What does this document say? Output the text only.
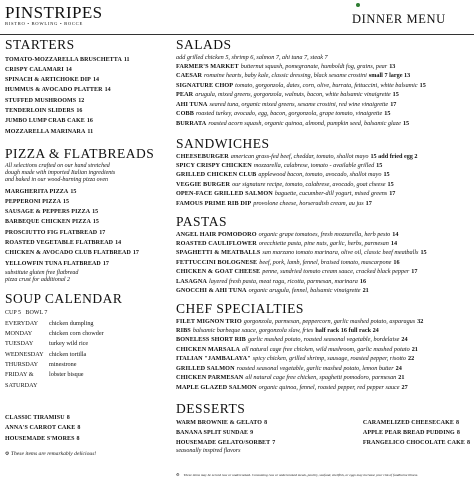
PINSTRIPES
BISTRO • BOWLING • BOCCE	DINNER MENU
STARTERS
TOMATO-MOZZARELLA BRUSCHETTA 11
CRISPY CALAMARI 14
SPINACH & ARTICHOKE DIP 14
HUMMUS & AVOCADO PLATTER 14
STUFFED MUSHROOMS 12
TENDERLOIN SLIDERS 16
JUMBO LUMP CRAB CAKE 16
MOZZARELLA MARINARA 11
PIZZA & FLATBREADS
All selections crafted on our hand stretched
dough made with imported Italian ingredients
and baked in our wood-burning pizza oven
MARGHERITA PIZZA 15
PEPPERONI PIZZA 15
SAUSAGE & PEPPERS PIZZA 15
BARBEQUE CHICKEN PIZZA 15
PROSCIUTTO FIG FLATBREAD 17
ROASTED VEGETABLE FLATBREAD 14
CHICKEN & AVOCADO CLUB FLATBREAD 17
YELLOWFIN TUNA FLATBREAD 17
substitute gluten free flatbread
pizza crust for additional 2
SOUP CALENDAR
CUP 5 BOWL 7
EVERYDAY	chicken dumpling
MONDAY	chicken corn chowder
TUESDAY	turkey wild rice
WEDNESDAY chicken tortilla
THURSDAY	minestrone
FRIDAY &	lobster bisque
SATURDAY
CLASSIC TIRAMISU 8
ANNA'S CARROT CAKE 8
HOUSEMADE S'MORES 8
⚙ These items are remarkably delicious!
SALADS
add grilled chicken 5, shrimp 6, salmon 7, ahi tuna 7, steak 7
FARMER'S MARKET butternut squash, pomegranate, humboldt fog, grains, pear 13
CAESAR romaine hearts, baby kale, classic dressing, black sesame crostini small 7 large 13
SIGNATURE CHOP tomato, gorgonzola, dates, corn, olive, burrata, fettuccini, white balsamic 15
PEAR arugula, mixed greens, gorgonzola, walnuts, bacon, white balsamic vinaigrette 15
AHI TUNA seared tuna, organic mixed greens, sesame crostini, red wine vinaigrette 17
COBB roasted turkey, avocado, egg, bacon, gorgonzola, grape tomato, vinaigrette 15
BURRATA roasted acorn squash, organic quinoa, almond, pumpkin seed, balsamic glaze 15
SANDWICHES
CHEESEBURGER american grass-fed beef, cheddar, tomato, shallot mayo 15 add fried egg 2
SPICY CRISPY CHICKEN mozzarella, calabrese, tomato - available grilled 15
GRILLED CHICKEN CLUB applewood bacon, tomato, avocado, shallot mayo 15
VEGGIE BURGER our signature recipe, tomato, calabrese, avocado, goat cheese 15
OPEN-FACE GRILLED SALMON baguette, cucumber-dill yogurt, mixed greens 17
FAMOUS PRIME RIB DIP provolone cheese, horseradish cream, au jus 17
PASTAS
ANGEL HAIR POMODORO organic grape tomatoes, fresh mozzarella, herb pesto 14
ROASTED CAULIFLOWER orecchiette pasta, pine nuts, garlic, herbs, parmesan 14
SPAGHETTI & MEATBALLS san marzano tomato marinara, olive oil, classic beef meatballs 15
FETTUCCINI BOLOGNESE beef, pork, lamb, fennel, braised tomato, mascarpone 16
CHICKEN & GOAT CHEESE penne, sundried tomato cream sauce, cracked black pepper 17
LASAGNA layered fresh pasta, meat ragu, ricotta, parmesan, marinara 16
GNOCCHI & AHI TUNA organic arugula, fennel, balsamic vinaigrette 21
CHEF SPECIALTIES
FILET MIGNON TRIO gorgonzola, parmesan, peppercorn, garlic mashed potato, asparagus 32
RIBS balsamic barbeque sauce, gorgonzola slaw, fries half rack 16 full rack 24
BONELESS SHORT RIB garlic mashed potato, roasted seasonal vegetable, bordelaise 24
CHICKEN MARSALA all natural cage free chicken, wild mushroom, garlic mashed potato 21
ITALIAN "JAMBALAYA" spicy chicken, grilled shrimp, sausage, roasted pepper, risotto 22
GRILLED SALMON roasted seasonal vegetable, garlic mashed potato, lemon butter 24
CHICKEN PARMESAN all natural cage free chicken, spaghetti pomodoro, parmesan 21
MAPLE GLAZED SALMON organic quinoa, fennel, roasted pepper, red pepper sauce 27
DESSERTS
WARM BROWNIE & GELATO 8
BANANA SPLIT SUNDAE 9
HOUSEMADE GELATO/SORBET 7
seasonally inspired flavors
CARAMELIZED CHEESECAKE 8
APPLE PEAR BREAD PUDDING 8
FRANGELICO CHOCOLATE CAKE 8
⚙ These items may be served raw or undercooked. Consuming raw or undercooked meats, poultry, seafood, shellfish, or eggs may increase your risk of foodborne illness.
